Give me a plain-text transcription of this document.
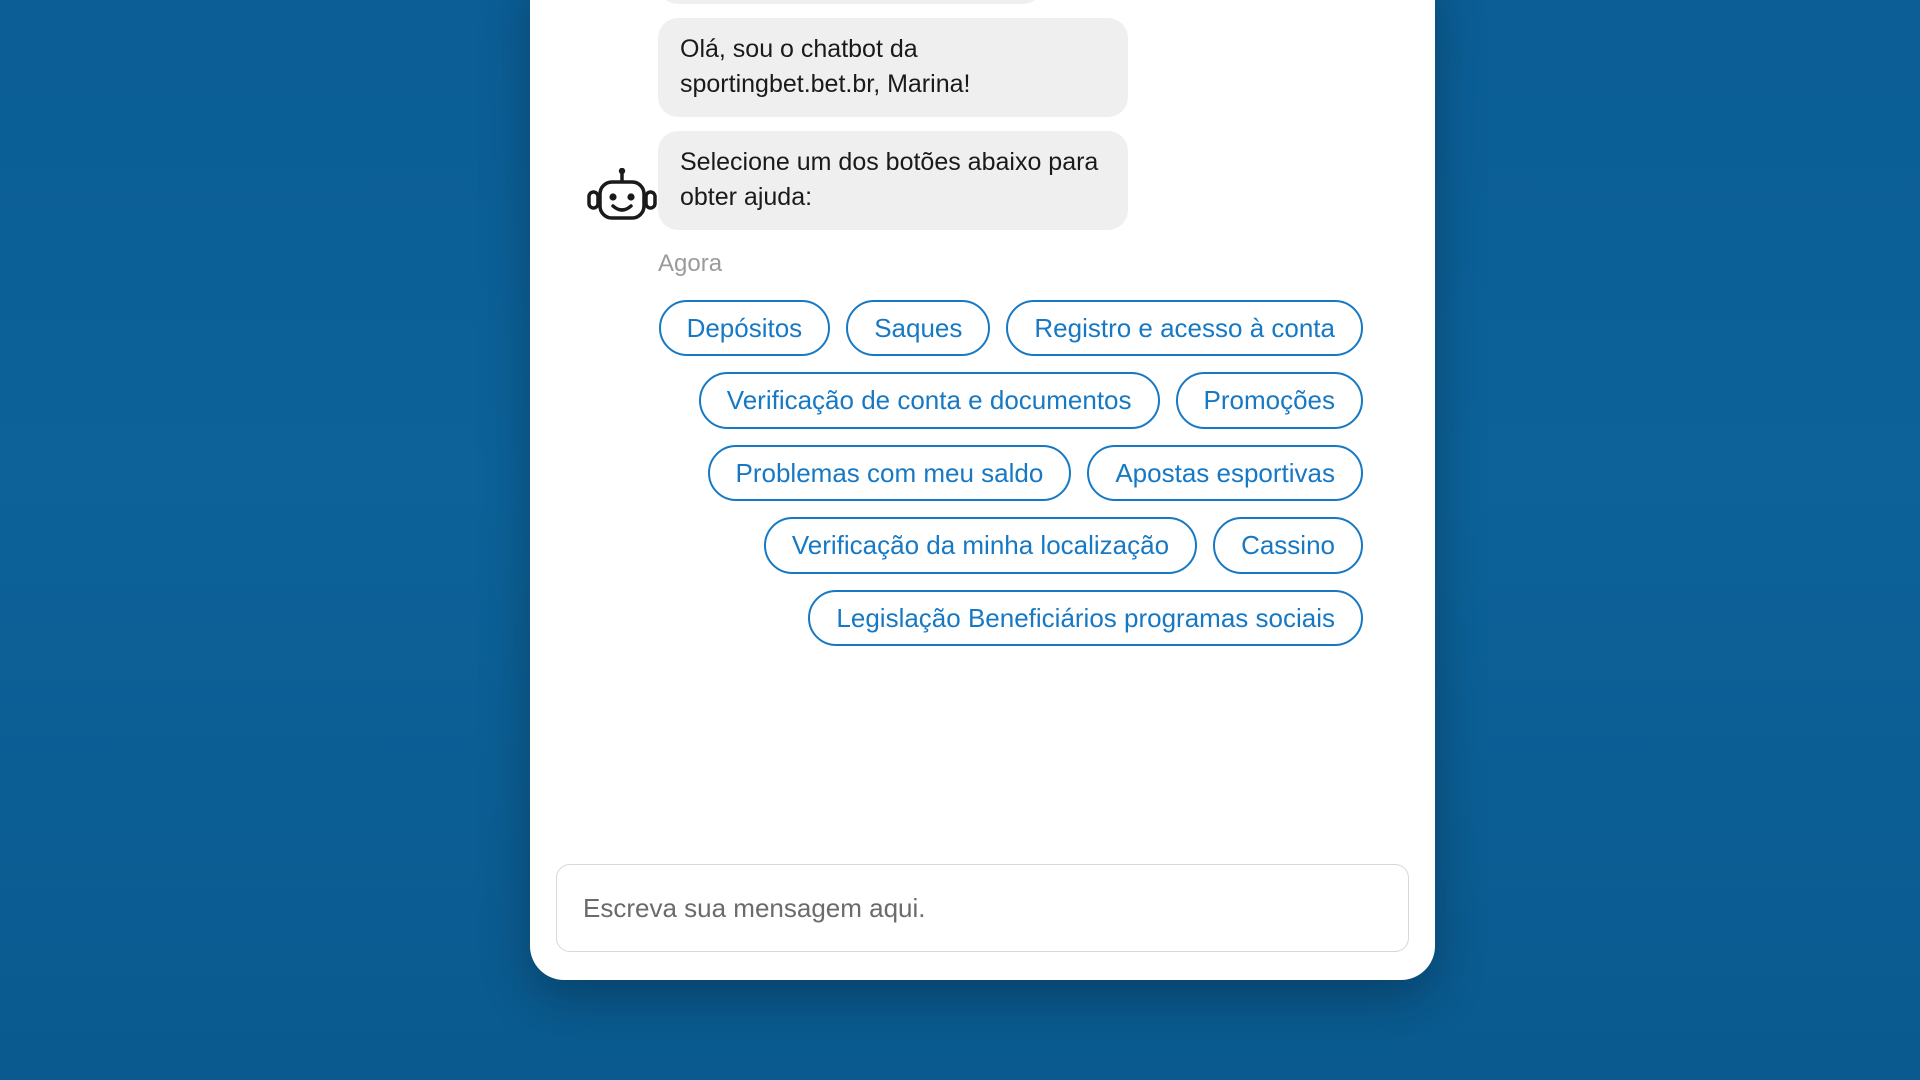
Olá, sou o chatbot da sportingbet.bet.br, Marina!
Selecione um dos botões abaixo para obter ajuda:
Agora
Depósitos	Saques	Registro e acesso à conta
Verificação de conta e documentos	Promoções
Problemas com meu saldo	Apostas esportivas
Verificação da minha localização	Cassino
Legislação Beneficiários programas sociais
Escreva sua mensagem aqui.
